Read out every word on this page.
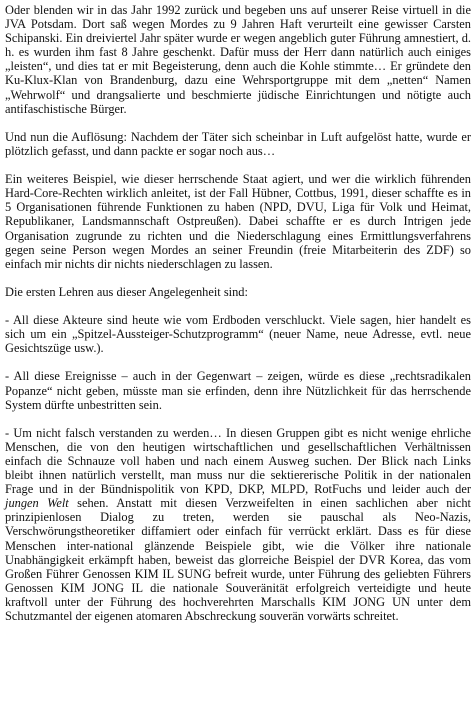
Oder blenden wir in das Jahr 1992 zurück und begeben uns auf unserer Reise virtuell in die JVA Potsdam. Dort saß wegen Mordes zu 9 Jahren Haft verurteilt eine gewisser Carsten Schipanski. Ein dreiviertel Jahr später wurde er wegen angeblich guter Führung amnestiert, d. h. es wurden ihm fast 8 Jahre geschenkt. Dafür muss der Herr dann natürlich auch einiges „leisten“, und dies tat er mit Begeisterung, denn auch die Kohle stimmte… Er gründete den Ku-Klux-Klan von Brandenburg, dazu eine Wehrsportgruppe mit dem „netten“ Namen „Wehrwolf“ und drangsalierte und beschmierte jüdische Einrichtungen und nötigte auch antifaschistische Bürger.

Und nun die Auflösung: Nachdem der Täter sich scheinbar in Luft aufgelöst hatte, wurde er plötzlich gefasst, und dann packte er sogar noch aus…

Ein weiteres Beispiel, wie dieser herrschende Staat agiert, und wer die wirklich führenden Hard-Core-Rechten wirklich anleitet, ist der Fall Hübner, Cottbus, 1991, dieser schaffte es in 5 Organisationen führende Funktionen zu haben (NPD, DVU, Liga für Volk und Heimat, Republikaner, Landsmannschaft Ostpreußen). Dabei schaffte er es durch Intrigen jede Organisation zugrunde zu richten und die Niederschlagung eines Ermittlungsverfahrens gegen seine Person wegen Mordes an seiner Freundin (freie Mitarbeiterin des ZDF) so einfach mir nichts dir nichts niederschlagen zu lassen.

Die ersten Lehren aus dieser Angelegenheit sind:

- All diese Akteure sind heute wie vom Erdboden verschluckt. Viele sagen, hier handelt es sich um ein „Spitzel-Aussteiger-Schutzprogramm“ (neuer Name, neue Adresse, evtl. neue Gesichtszüge usw.).

- All diese Ereignisse – auch in der Gegenwart – zeigen, würde es diese „rechtsradikalen Popanze“ nicht geben, müsste man sie erfinden, denn ihre Nützlichkeit für das herrschende System dürfte unbestritten sein.

- Um nicht falsch verstanden zu werden… In diesen Gruppen gibt es nicht wenige ehrliche Menschen, die von den heutigen wirtschaftlichen und gesellschaftlichen Verhältnissen einfach die Schnauze voll haben und nach einem Ausweg suchen. Der Blick nach Links bleibt ihnen natürlich verstellt, man muss nur die sektiererische Politik in der nationalen Frage und in der Bündnispolitik von KPD, DKP, MLPD, RotFuchs und leider auch der jungen Welt sehen. Anstatt mit diesen Verzweifelten in einen sachlichen aber nicht prinzipienlosen Dialog zu treten, werden sie pauschal als Neo-Nazis, Verschwörungstheoretiker diffamiert oder einfach für verrückt erklärt. Dass es für diese Menschen inter-national glänzende Beispiele gibt, wie die Völker ihre nationale Unabhängigkeit erkämpft haben, beweist das glorreiche Beispiel der DVR Korea, das vom Großen Führer Genossen KIM IL SUNG befreit wurde, unter Führung des geliebten Führers Genossen KIM JONG IL die nationale Souveränität erfolgreich verteidigte und heute kraftvoll unter der Führung des hochverehrten Marschalls KIM JONG UN unter dem Schutzmantel der eigenen atomaren Abschreckung souverän vorwärts schreitet.
